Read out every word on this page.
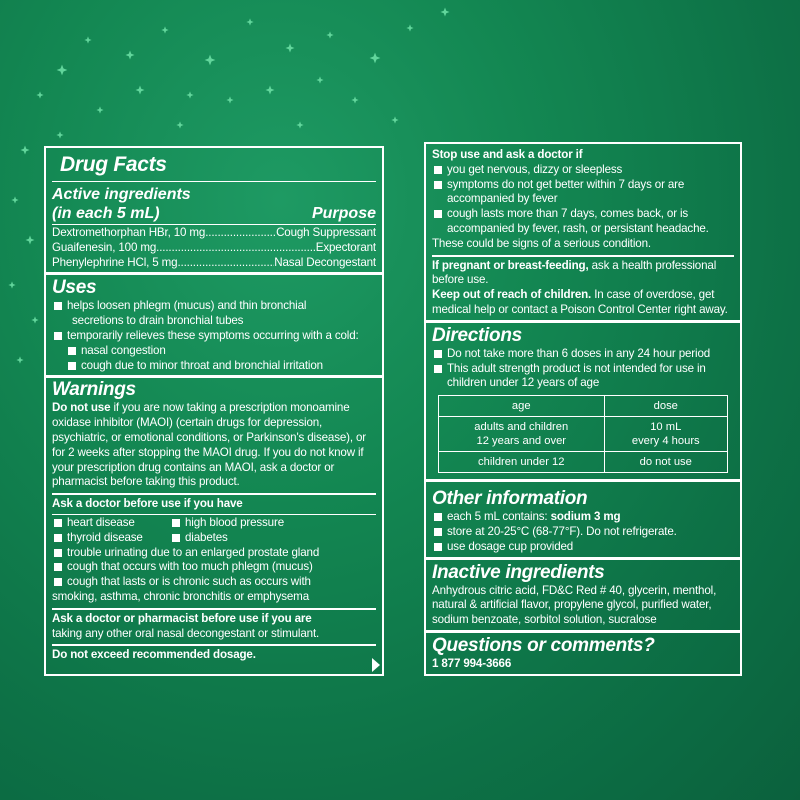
Drug Facts
Active ingredients
(in each 5 mL)	Purpose
Dextromethorphan HBr, 10 mg .....	Cough Suppressant
Guaifenesin, 100 mg .....	Expectorant
Phenylephrine HCl, 5 mg .....	Nasal Decongestant
Uses
helps loosen phlegm (mucus) and thin bronchial
secretions to drain bronchial tubes
temporarily relieves these symptoms occurring with a cold:
nasal congestion
cough due to minor throat and bronchial irritation
Warnings
Do not use if you are now taking a prescription monoamine oxidase inhibitor (MAOI) (certain drugs for depression, psychiatric, or emotional conditions, or Parkinson's disease), or for 2 weeks after stopping the MAOI drug. If you do not know if your prescription drug contains an MAOI, ask a doctor or pharmacist before taking this product.
Ask a doctor before use if you have
heart disease	high blood pressure
thyroid disease	diabetes
trouble urinating due to an enlarged prostate gland
cough that occurs with too much phlegm (mucus)
cough that lasts or is chronic such as occurs with
smoking, asthma, chronic bronchitis or emphysema
Ask a doctor or pharmacist before use if you are
taking any other oral nasal decongestant or stimulant.
Do not exceed recommended dosage.
Stop use and ask a doctor if
you get nervous, dizzy or sleepless
symptoms do not get better within 7 days or are accompanied by fever
cough lasts more than 7 days, comes back, or is accompanied by fever, rash, or persistant headache.
These could be signs of a serious condition.
If pregnant or breast-feeding, ask a health professional before use.
Keep out of reach of children. In case of overdose, get medical help or contact a Poison Control Center right away.
Directions
Do not take more than 6 doses in any 24 hour period
This adult strength product is not intended for use in children under 12 years of age
age	dose
adults and children
12 years and over	10 mL
every 4 hours
children under 12	do not use
Other information
each 5 mL contains: sodium 3 mg
store at 20-25°C (68-77°F). Do not refrigerate.
use dosage cup provided
Inactive ingredients
Anhydrous citric acid, FD&C Red # 40, glycerin, menthol, natural & artificial flavor, propylene glycol, purified water, sodium benzoate, sorbitol solution, sucralose
Questions or comments?
1 877 994-3666
